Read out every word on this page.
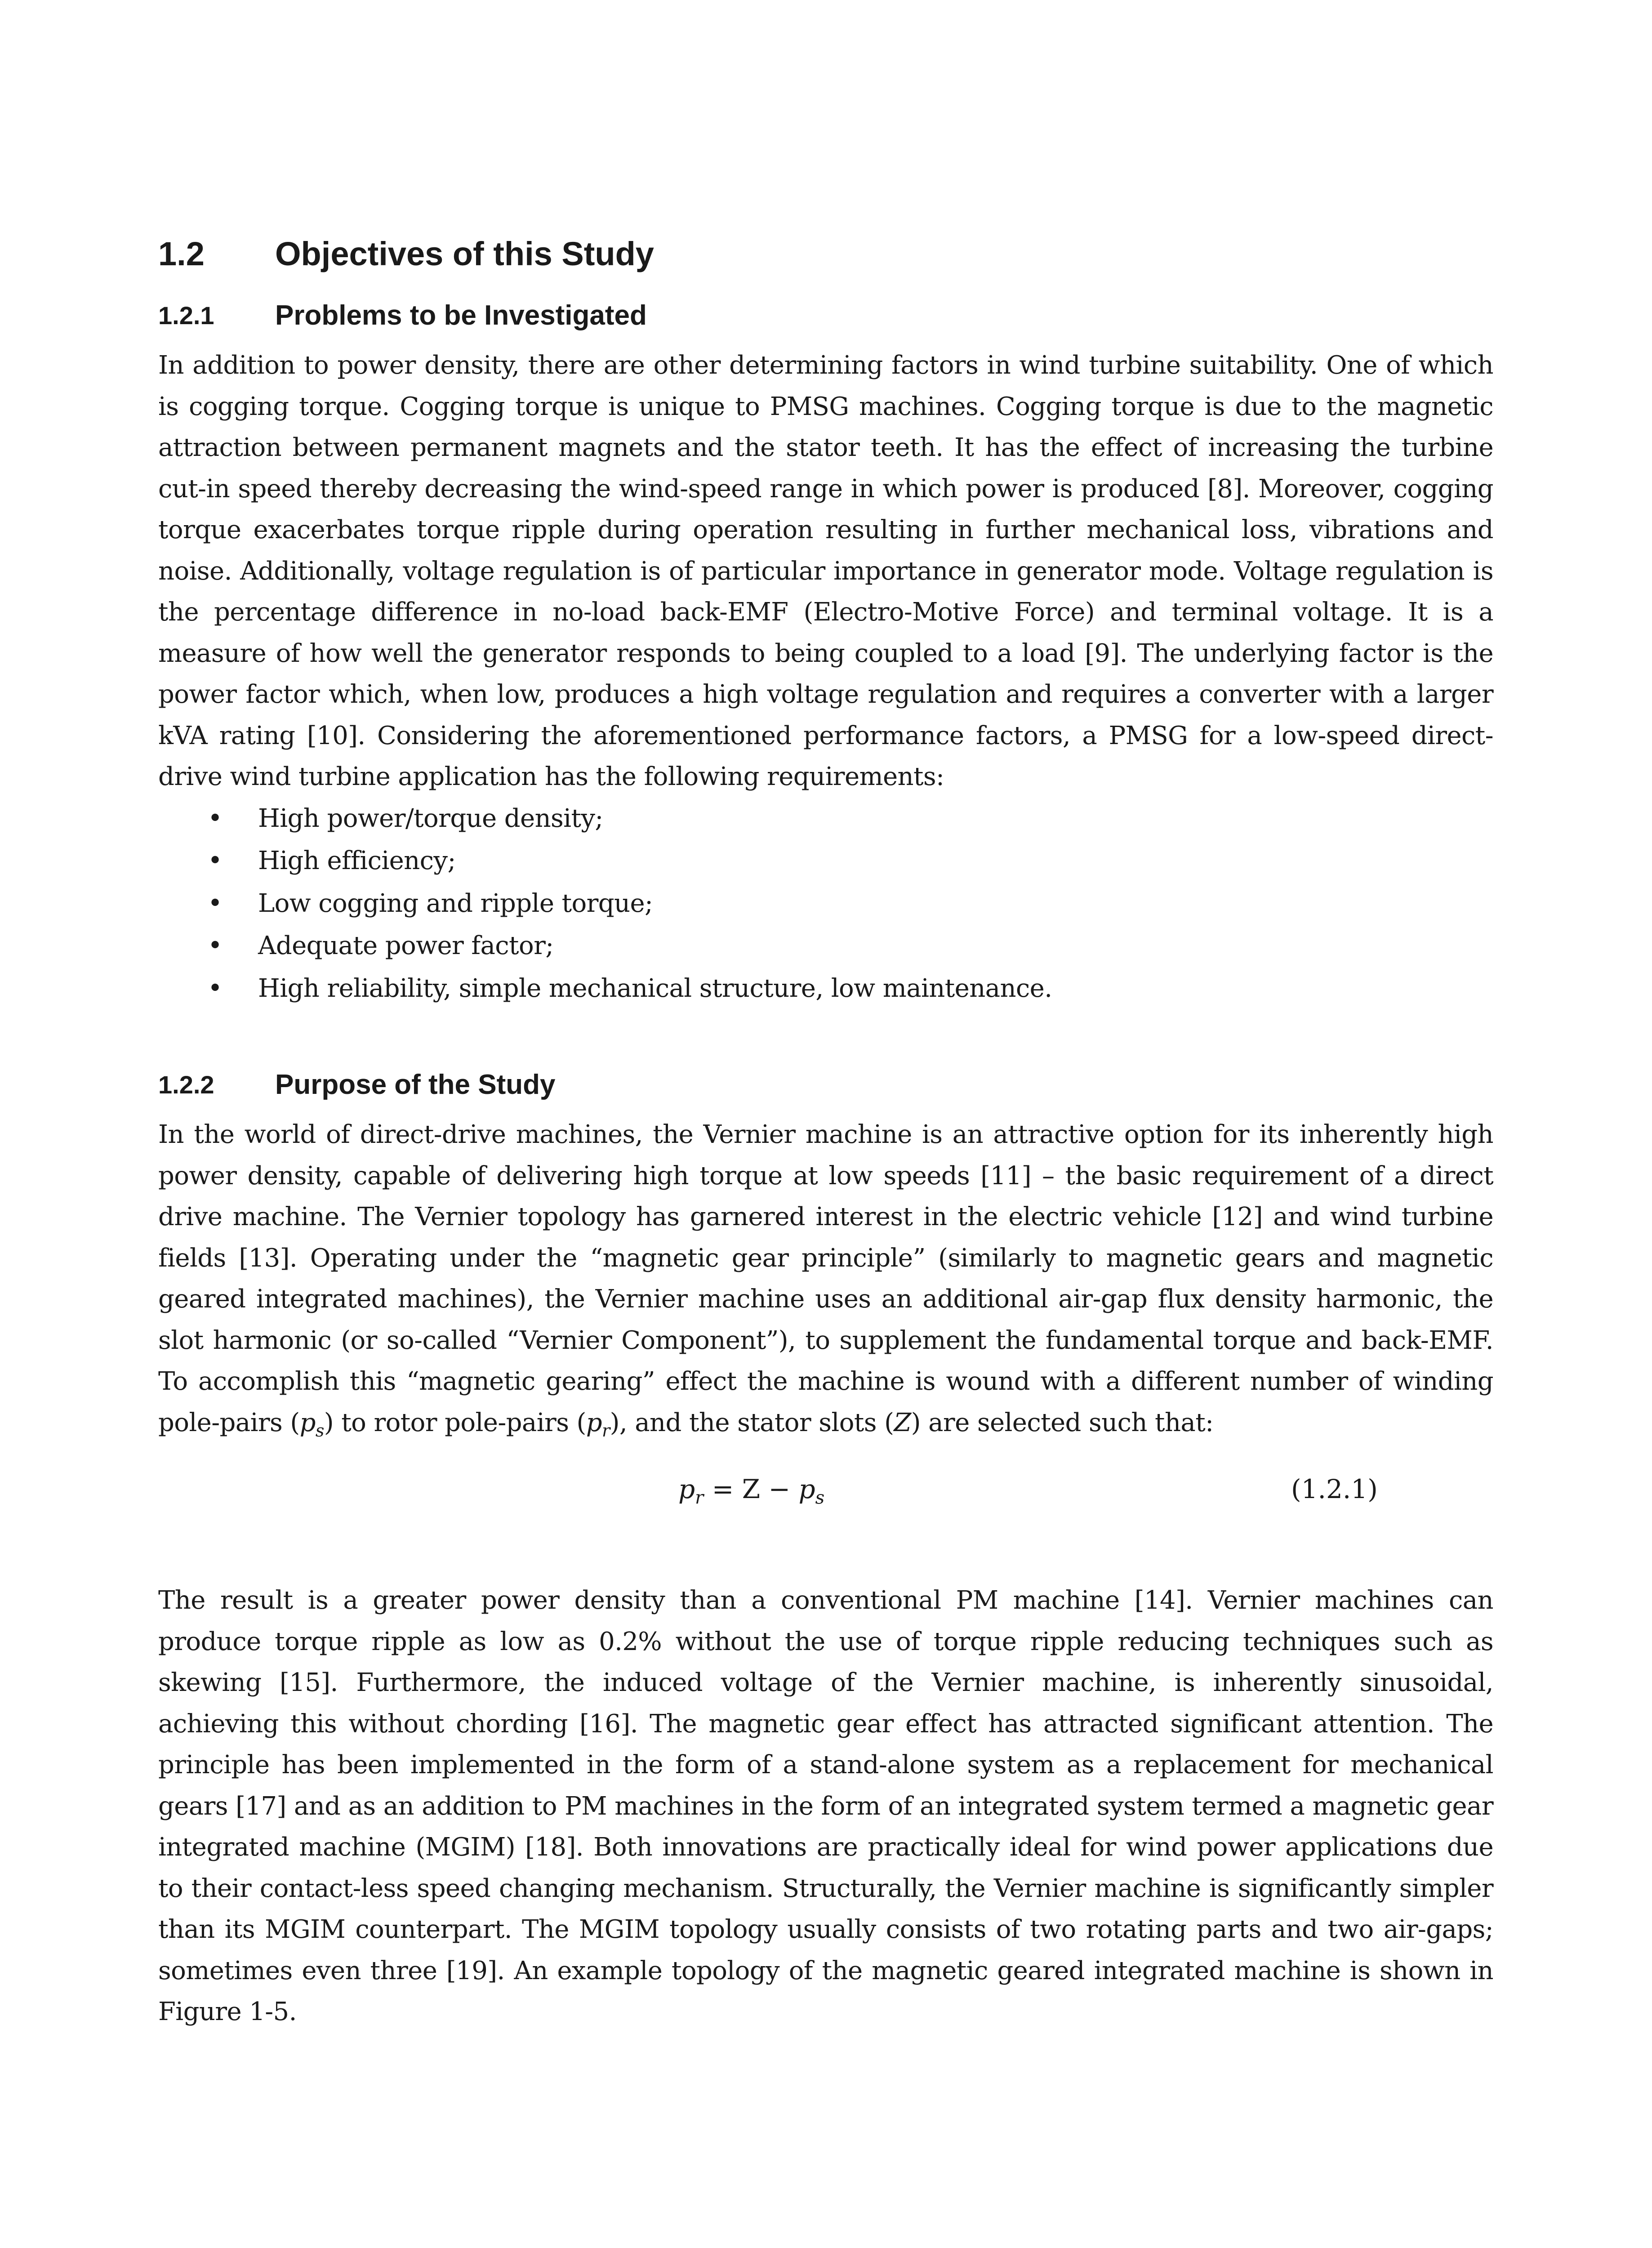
1.2	Objectives of this Study
1.2.1	Problems to be Investigated

In addition to power density, there are other determining factors in wind turbine suitability. One of which is cogging torque. Cogging torque is unique to PMSG machines. Cogging torque is due to the magnetic attraction between permanent magnets and the stator teeth. It has the effect of increasing the turbine cut-in speed thereby decreasing the wind-speed range in which power is produced [8]. Moreover, cogging torque exacerbates torque ripple during operation resulting in further mechanical loss, vibrations and noise. Additionally, voltage regulation is of particular importance in generator mode. Voltage regulation is the percentage difference in no-load back-EMF (Electro-Motive Force) and terminal voltage. It is a measure of how well the generator responds to being coupled to a load [9]. The underlying factor is the power factor which, when low, produces a high voltage regulation and requires a converter with a larger kVA rating [10]. Considering the aforementioned performance factors, a PMSG for a low-speed direct-drive wind turbine application has the following requirements:

•	High power/torque density;
•	High efficiency;
•	Low cogging and ripple torque;
•	Adequate power factor;
•	High reliability, simple mechanical structure, low maintenance.
1.2.2	Purpose of the Study

In the world of direct-drive machines, the Vernier machine is an attractive option for its inherently high power density, capable of delivering high torque at low speeds [11] – the basic requirement of a direct drive machine. The Vernier topology has garnered interest in the electric vehicle [12] and wind turbine fields [13]. Operating under the “magnetic gear principle” (similarly to magnetic gears and magnetic geared integrated machines), the Vernier machine uses an additional air-gap flux density harmonic, the slot harmonic (or so-called “Vernier Component”), to supplement the fundamental torque and back-EMF. To accomplish this “magnetic gearing” effect the machine is wound with a different number of winding pole-pairs $(p_s)$ to rotor pole-pairs $(p_r)$, and the stator slots (Z) are selected such that:

$p_r = Z - p_s$	(1.2.1)

The result is a greater power density than a conventional PM machine [14]. Vernier machines can produce torque ripple as low as 0.2% without the use of torque ripple reducing techniques such as skewing [15]. Furthermore, the induced voltage of the Vernier machine, is inherently sinusoidal, achieving this without chording [16]. The magnetic gear effect has attracted significant attention. The principle has been implemented in the form of a stand-alone system as a replacement for mechanical gears [17] and as an addition to PM machines in the form of an integrated system termed a magnetic gear integrated machine (MGIM) [18]. Both innovations are practically ideal for wind power applications due to their contact-less speed changing mechanism. Structurally, the Vernier machine is significantly simpler than its MGIM counterpart. The MGIM topology usually consists of two rotating parts and two air-gaps; sometimes even three [19]. An example topology of the magnetic geared integrated machine is shown in Figure 1-5.
